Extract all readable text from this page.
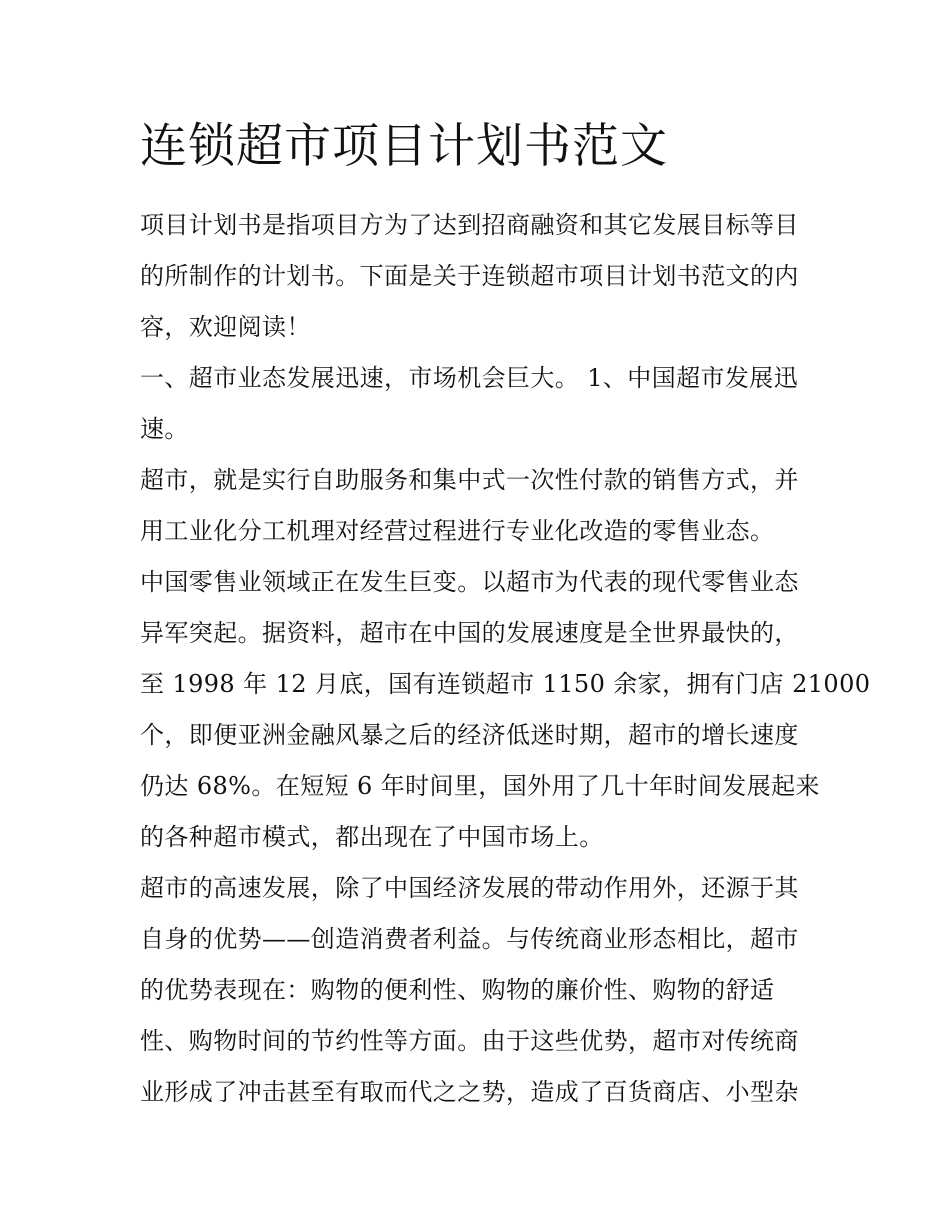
连锁超市项目计划书范文
项目计划书是指项目方为了达到招商融资和其它发展目标等目
的所制作的计划书。下面是关于连锁超市项目计划书范文的内
容，欢迎阅读！
一、超市业态发展迅速，市场机会巨大。 1、中国超市发展迅
速。
超市，就是实行自助服务和集中式一次性付款的销售方式，并
用工业化分工机理对经营过程进行专业化改造的零售业态。
中国零售业领域正在发生巨变。以超市为代表的现代零售业态
异军突起。据资料，超市在中国的发展速度是全世界最快的，
至 1998 年 12 月底，国有连锁超市 1150 余家，拥有门店 21000
个，即便亚洲金融风暴之后的经济低迷时期，超市的增长速度
仍达 68%。在短短 6 年时间里，国外用了几十年时间发展起来
的各种超市模式，都出现在了中国市场上。
超市的高速发展，除了中国经济发展的带动作用外，还源于其
自身的优势——创造消费者利益。与传统商业形态相比，超市
的优势表现在：购物的便利性、购物的廉价性、购物的舒适
性、购物时间的节约性等方面。由于这些优势，超市对传统商
业形成了冲击甚至有取而代之之势，造成了百货商店、小型杂
